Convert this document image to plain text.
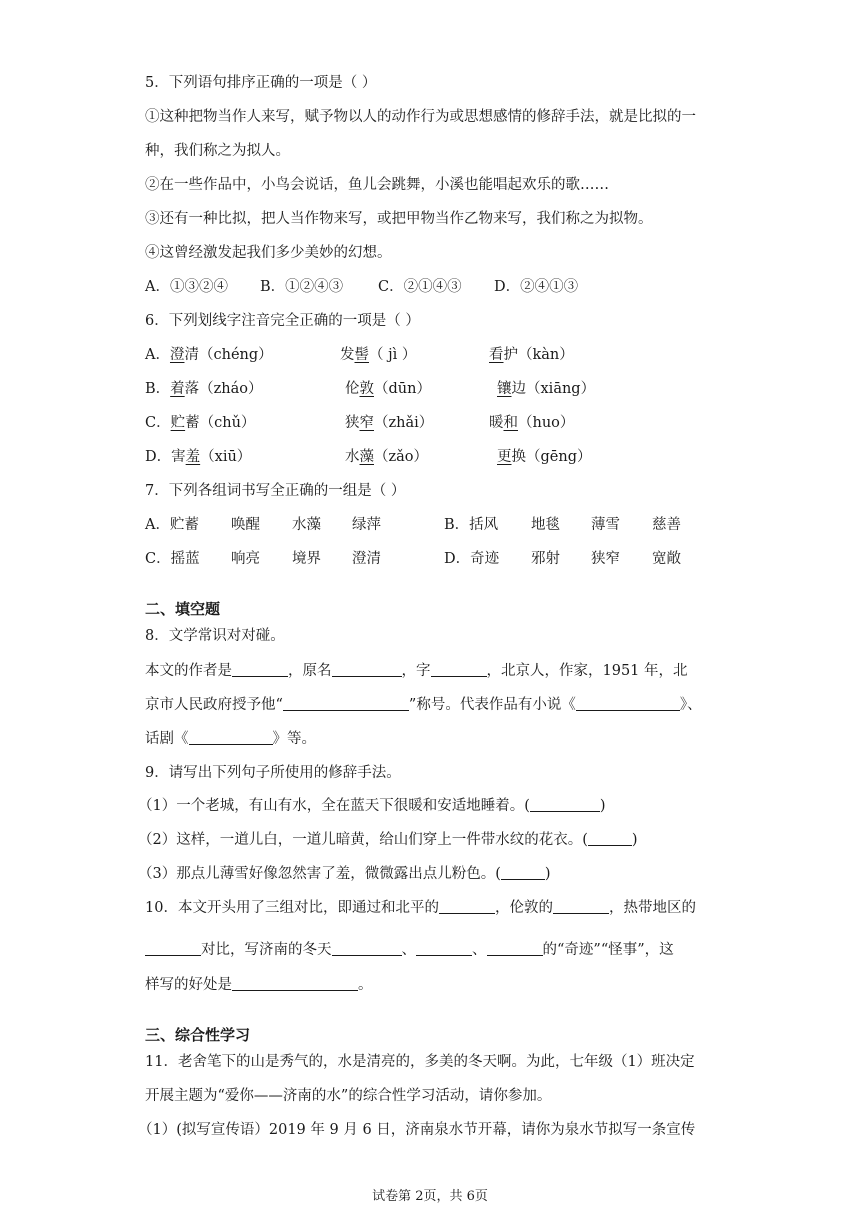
5．下列语句排序正确的一项是（ ）
①这种把物当作人来写，赋予物以人的动作行为或思想感情的修辞手法，就是比拟的一
种，我们称之为拟人。
②在一些作品中，小鸟会说话，鱼儿会跳舞，小溪也能唱起欢乐的歌……
③还有一种比拟，把人当作物来写，或把甲物当作乙物来写，我们称之为拟物。
④这曾经激发起我们多少美妙的幻想。
A．①③②④ B．①②④③ C．②①④③ D．②④①③
6．下列划线字注音完全正确的一项是（ ）
A．澄清（chéng）	发髻（ jì ）	看护（kàn）
B．着落（zháo）	伦敦（dūn）	镶边（xiāng）
C．贮蓄（chǔ）	狭窄（zhǎi）	暖和（huo）
D．害羞（xiū）	水藻（zǎo）	更换（gēng）
7．下列各组词书写全正确的一组是（ ）
A．贮蓄 唤醒 水藻 绿萍	B．括风 地毯 薄雪 慈善
C．摇蓝 响亮 境界 澄清	D．奇迹 邪射 狭窄 宽敞
二、填空题
8．文学常识对对碰。
本文的作者是	，原名	，字	，北京人，作家，1951 年，北
京市人民政府授予他“	”称号。代表作品有小说《	》、
话剧《	》等。
9．请写出下列句子所使用的修辞手法。
（1）一个老城，有山有水，全在蓝天下很暖和安适地睡着。(	)
（2）这样，一道儿白，一道儿暗黄，给山们穿上一件带水纹的花衣。(	)
（3）那点儿薄雪好像忽然害了羞，微微露出点儿粉色。(	)
10．本文开头用了三组对比，即通过和北平的	，伦敦的	，热带地区的
对比，写济南的冬天	、	、	的“奇迹”“怪事”，这
样写的好处是	。
三、综合性学习
11．老舍笔下的山是秀气的，水是清亮的，多美的冬天啊。为此，七年级（1）班决定
开展主题为“爱你——济南的水”的综合性学习活动，请你参加。
（1）(拟写宣传语）2019 年 9 月 6 日，济南泉水节开幕，请你为泉水节拟写一条宣传
试卷第 2页，共 6页
